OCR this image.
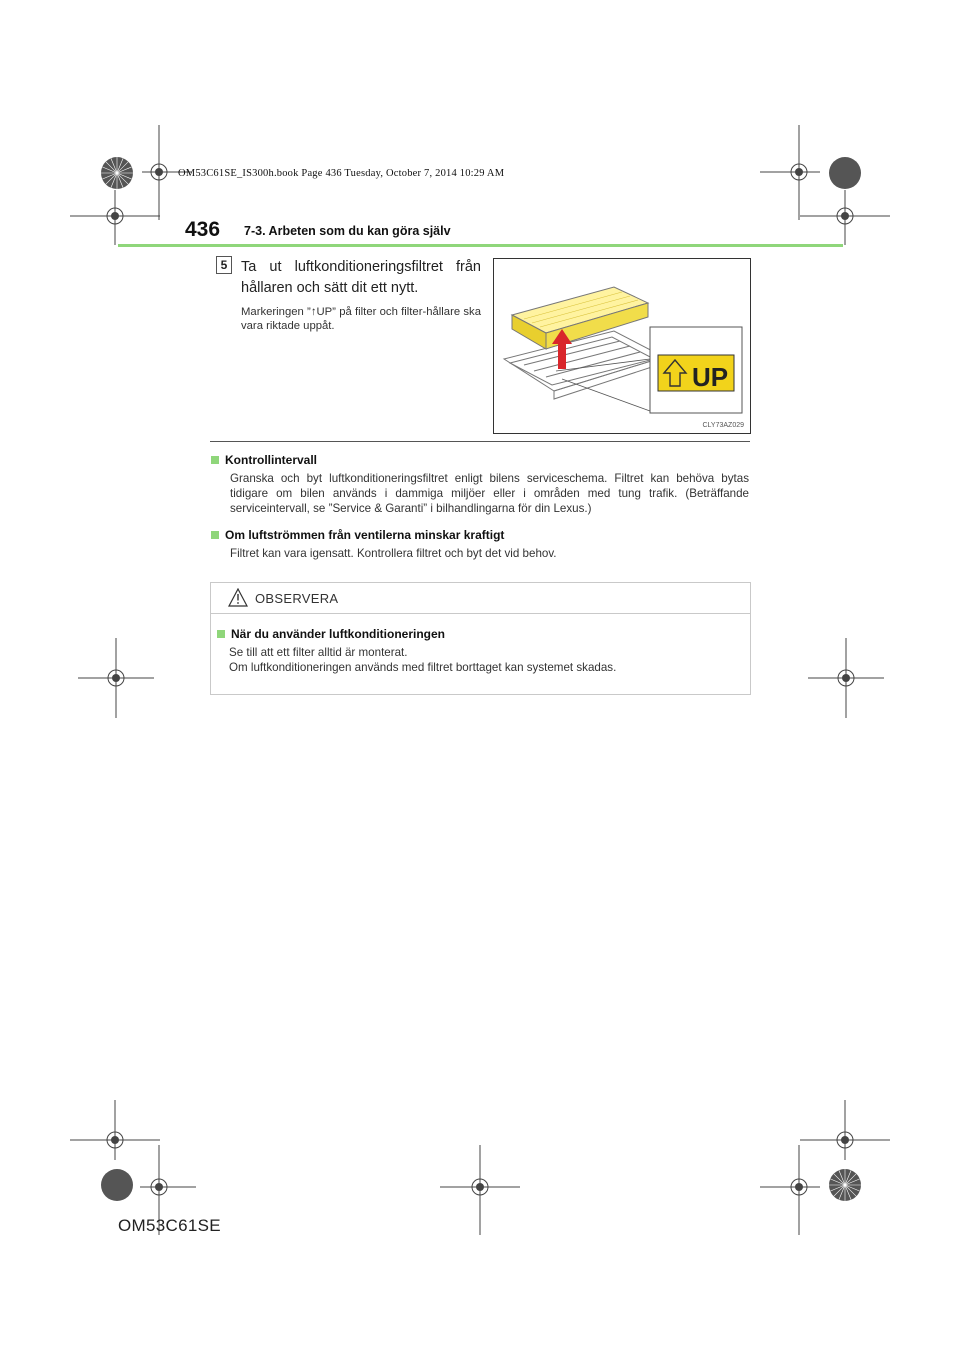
OM53C61SE_IS300h.book Page 436 Tuesday, October 7, 2014 10:29 AM
436 7-3. Arbeten som du kan göra själv
5 Ta ut luftkonditioneringsfiltret från hållaren och sätt dit ett nytt.
Markeringen ”↑UP” på filter och filter-hållare ska vara riktade uppåt.
UP
CLY73AZ029
Kontrollintervall
Granska och byt luftkonditioneringsfiltret enligt bilens serviceschema. Filtret kan behöva bytas tidigare om bilen används i dammiga miljöer eller i områden med tung trafik. (Beträffande serviceintervall, se ”Service & Garanti” i bilhandlingarna för din Lexus.)
Om luftströmmen från ventilerna minskar kraftigt
Filtret kan vara igensatt. Kontrollera filtret och byt det vid behov.
OBSERVERA
När du använder luftkonditioneringen
Se till att ett filter alltid är monterat.
Om luftkonditioneringen används med filtret borttaget kan systemet skadas.
OM53C61SE
